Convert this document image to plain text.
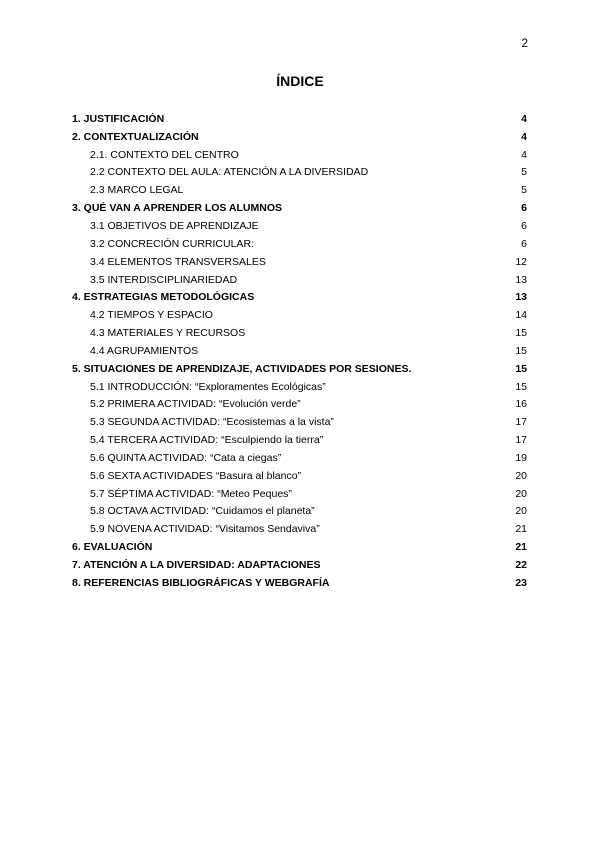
2
ÍNDICE
1. JUSTIFICACIÓN	4
2. CONTEXTUALIZACIÓN	4
2.1. CONTEXTO DEL CENTRO	4
2.2 CONTEXTO DEL AULA: ATENCIÓN A LA DIVERSIDAD	5
2.3 MARCO LEGAL	5
3. QUÉ VAN A APRENDER LOS ALUMNOS	6
3.1 OBJETIVOS DE APRENDIZAJE	6
3.2 CONCRECIÓN CURRICULAR:	6
3.4 ELEMENTOS TRANSVERSALES	12
3.5 INTERDISCIPLINARIEDAD	13
4. ESTRATEGIAS METODOLÓGICAS	13
4.2 TIEMPOS Y ESPACIO	14
4.3 MATERIALES Y RECURSOS	15
4.4 AGRUPAMIENTOS	15
5. SITUACIONES DE APRENDIZAJE, ACTIVIDADES POR SESIONES.	15
5.1 INTRODUCCIÓN: “Exploramentes Ecológicas”	15
5.2 PRIMERA ACTIVIDAD: “Evolución verde”	16
5.3 SEGUNDA ACTIVIDAD: “Ecosistemas a la vista”	17
5.4 TERCERA ACTIVIDAD: “Esculpiendo la tierra”	17
5.6 QUINTA ACTIVIDAD: “Cata a ciegas”	19
5.6 SEXTA ACTIVIDADES “Basura al blanco”	20
5.7 SÉPTIMA ACTIVIDAD: “Meteo Peques”	20
5.8 OCTAVA ACTIVIDAD: “Cuidamos el planeta”	20
5.9 NOVENA ACTIVIDAD: “Visitamos Sendaviva”	21
6. EVALUACIÓN	21
7. ATENCIÓN A LA DIVERSIDAD: ADAPTACIONES	22
8. REFERENCIAS BIBLIOGRÁFICAS Y WEBGRAFÍA	23
